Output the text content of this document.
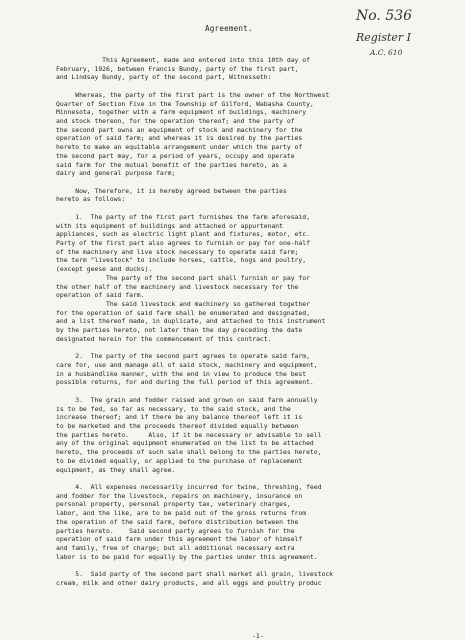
Agreement.
No. 536
Register I
A.C. 610
This Agreement, made and entered into this 10th day of
February, 1926, between Francis Bundy, party of the first part,
and Lindsay Bundy, party of the second part, Witnesseth:
Whereas, the party of the first part is the owner of the Northwest
Quarter of Section Five in the Township of Gilford, Wabasha County,
Minnesota, together with a farm equipment of buildings, machinery
and stock thereon, for the operation thereof; and the party of
the second part owns an equipment of stock and machinery for the
operation of said farm; and whereas it is desired by the parties
hereto to make an equitable arrangement under which the party of
the second part may, for a period of years, occupy and operate
said farm for the mutual benefit of the parties hereto, as a
dairy and general purpose farm;
Now, Therefore, it is hereby agreed between the parties
hereto as follows:
1.  The party of the first part furnishes the farm aforesaid,
with its equipment of buildings and attached or appurtenant
appliances, such as electric light plant and fixtures, motor, etc.
Party of the first part also agrees to furnish or pay for one-half
of the machinery and live stock necessary to operate said farm;
the term "livestock" to include horses, cattle, hogs and poultry,
(except geese and ducks).
The party of the second part shall furnish or pay for
the other half of the machinery and livestock necessary for the
operation of said farm.
The said livestock and machinery so gathered together
for the operation of said farm shall be enumerated and designated,
and a list thereof made, in duplicate, and attached to this instrument
by the parties hereto, not later than the day preceding the date
designated herein for the commencement of this contract.
2.  The party of the second part agrees to operate said farm,
care for, use and manage all of said stock, machinery and equipment,
in a husbandlike manner, with the end in view to produce the best
possible returns, for and during the full period of this agreement.
3.  The grain and fodder raised and grown on said farm annually
is to be fed, so far as necessary, to the said stock, and the
increase thereof; and if there be any balance thereof left it is
to be marketed and the proceeds thereof divided equally between
the parties hereto.     Also, if it be necessary or advisable to sell
any of the original equipment enumerated on the list to be attached
hereto, the proceeds of such sale shall belong to the parties hereto,
to be divided equally, or applied to the purchase of replacement
equipment, as they shall agree.
4.  All expenses necessarily incurred for twine, threshing, feed
and fodder for the livestock, repairs on machinery, insurance on
personal property, personal property tax, veterinary charges,
labor, and the like, are to be paid out of the gross returns from
the operation of the said farm, before distribution between the
parties hereto.    Said second party agrees to furnish for the
operation of said farm under this agreement the labor of himself
and family, free of charge; but all additional necessary extra
labor is to be paid for equally by the parties under this agreement.
5.  Said party of the second part shall market all grain, livestock
cream, milk and other dairy products, and all eggs and poultry produc
-1-
